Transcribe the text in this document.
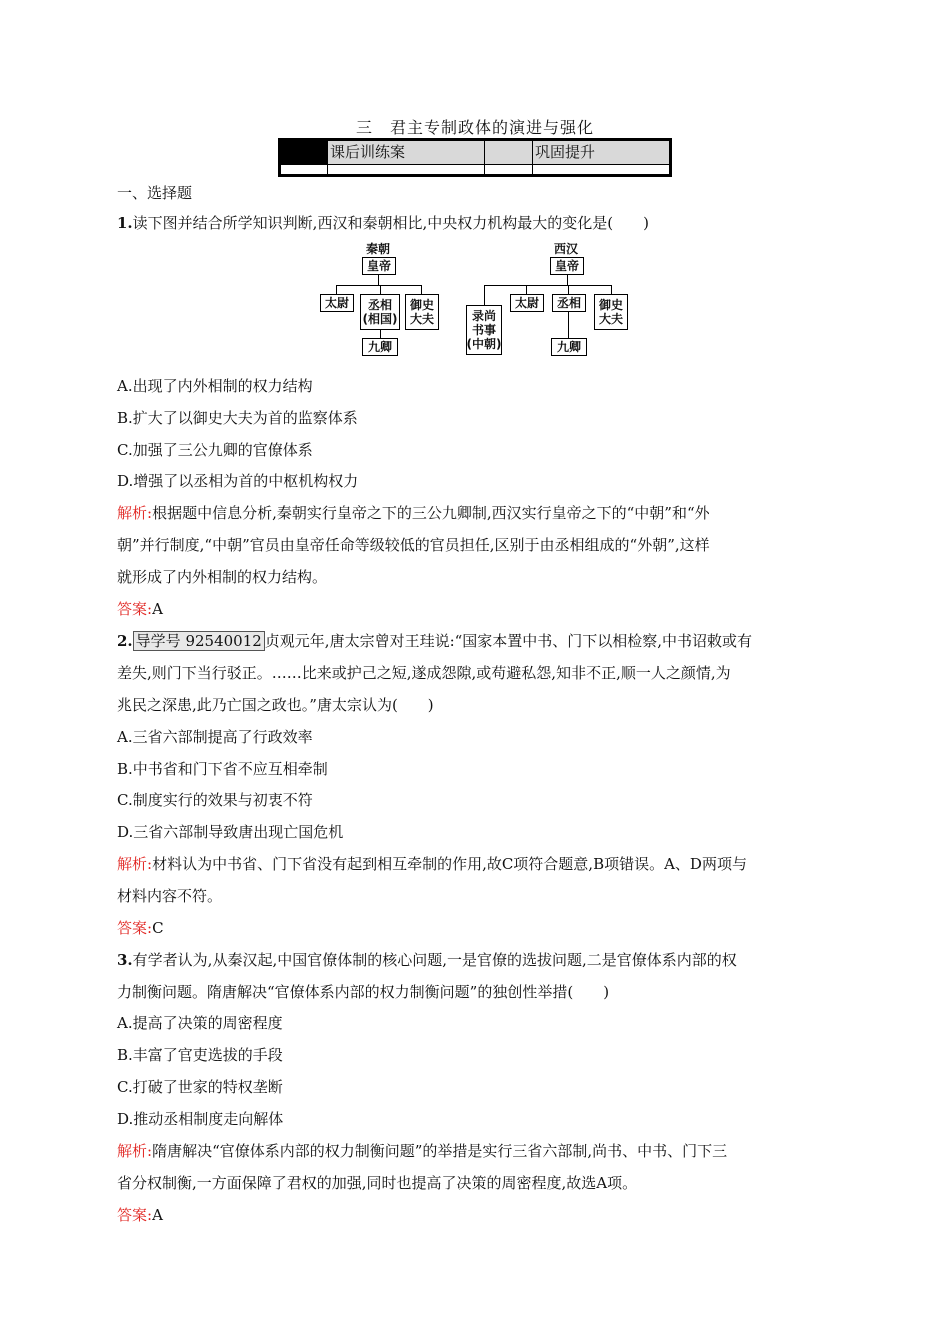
三　君主专制政体的演进与强化
课后训练案	巩固提升
一、选择题
1.读下图并结合所学知识判断,西汉和秦朝相比,中央权力机构最大的变化是(　　)
秦朝
皇帝
太尉	丞相
(相国)
御史
大夫
九卿
西汉
皇帝
录尚
书事
(中朝)
太尉	丞相	御史
大夫
九卿
A.出现了内外相制的权力结构
B.扩大了以御史大夫为首的监察体系
C.加强了三公九卿的官僚体系
D.增强了以丞相为首的中枢机构权力
解析:根据题中信息分析,秦朝实行皇帝之下的三公九卿制,西汉实行皇帝之下的“中朝”和“外
朝”并行制度,“中朝”官员由皇帝任命等级较低的官员担任,区别于由丞相组成的“外朝”,这样
就形成了内外相制的权力结构。
答案:A
2. 导学号 92540012 贞观元年,唐太宗曾对王珪说:“国家本置中书、门下以相检察,中书诏敕或有
差失,则门下当行驳正。……比来或护己之短,遂成怨隙,或苟避私怨,知非不正,顺一人之颜情,为
兆民之深患,此乃亡国之政也。”唐太宗认为(　　)
A.三省六部制提高了行政效率
B.中书省和门下省不应互相牵制
C.制度实行的效果与初衷不符
D.三省六部制导致唐出现亡国危机
解析:材料认为中书省、门下省没有起到相互牵制的作用,故C项符合题意,B项错误。A、D两项与
材料内容不符。
答案:C
3.有学者认为,从秦汉起,中国官僚体制的核心问题,一是官僚的选拔问题,二是官僚体系内部的权
力制衡问题。隋唐解决“官僚体系内部的权力制衡问题”的独创性举措(　　)
A.提高了决策的周密程度
B.丰富了官吏选拔的手段
C.打破了世家的特权垄断
D.推动丞相制度走向解体
解析:隋唐解决“官僚体系内部的权力制衡问题”的举措是实行三省六部制,尚书、中书、门下三
省分权制衡,一方面保障了君权的加强,同时也提高了决策的周密程度,故选A项。
答案:A
